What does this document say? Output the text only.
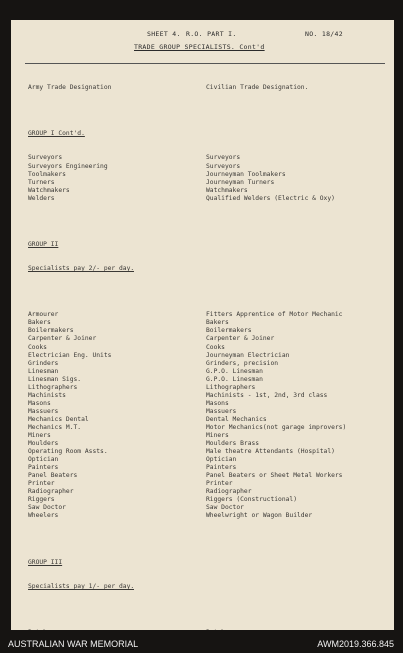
SHEET 4. R.O. PART I.	NO. 18/42
TRADE GROUP SPECIALISTS. Cont'd

Army Trade Designation

GROUP I Cont'd.

Surveyors
Surveyors Engineering
Toolmakers
Turners
Watchmakers
Welders

GROUP II

Specialists pay 2/- per day.

Armourer
Bakers
Boilermakers
Carpenter & Joiner
Cooks
Electrician Eng. Units
Grinders
Linesman
Linesman Sigs.
Lithographers
Machinists
Masons
Massuers
Mechanics Dental
Mechanics M.T.
Miners
Moulders
Operating Room Assts.
Optician
Painters
Panel Beaters
Printer
Radiographer
Riggers
Saw Doctor
Wheelers

GROUP III

Specialists pay 1/- per day.

Civilian Trade Designation.

Surveyors
Surveyors
Journeyman Toolmakers
Journeyman Turners
Watchmakers
Qualified Welders (Electric & Oxy)

Fitters Apprentice of Motor Mechanic
Bakers
Boilermakers
Carpenter & Joiner
Cooks
Journeyman Electrician
Grinders, precision
G.P.O. Linesman
G.P.O. Linesman
Lithographers
Machinists - 1st, 2nd, 3rd class
Masons
Massuers
Dental Mechanics
Motor Mechanics(not garage improvers)
Miners
Moulders Brass
Male theatre Attendants (Hospital)
Optician
Painters
Panel Beaters or Sheet Metal Workers
Printer
Radiographer
Riggers (Constructional)
Saw Doctor
Wheelwright or Wagon Builder

AUSTRALIAN WAR MEMORIAL	AWM2019.366.845
